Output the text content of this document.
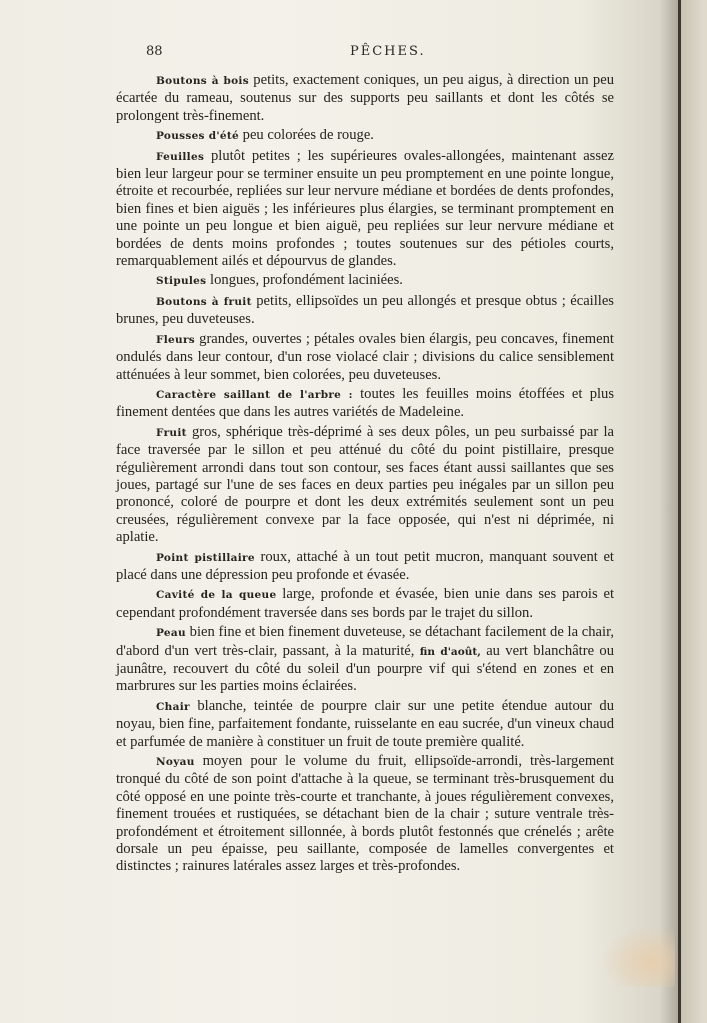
88	PÊCHES.

Boutons à bois petits, exactement coniques, un peu aigus, à direction un peu écartée du rameau, soutenus sur des supports peu saillants et dont les côtés se prolongent très-finement.

Pousses d'été peu colorées de rouge.

Feuilles plutôt petites ; les supérieures ovales-allongées, maintenant assez bien leur largeur pour se terminer ensuite un peu promptement en une pointe longue, étroite et recourbée, repliées sur leur nervure médiane et bordées de dents profondes, bien fines et bien aiguës ; les inférieures plus élargies, se terminant promptement en une pointe un peu longue et bien aiguë, peu repliées sur leur nervure médiane et bordées de dents moins profondes ; toutes soutenues sur des pétioles courts, remarquablement ailés et dépourvus de glandes.

Stipules longues, profondément laciniées.

Boutons à fruit petits, ellipsoïdes un peu allongés et presque obtus ; écailles brunes, peu duveteuses.

Fleurs grandes, ouvertes ; pétales ovales bien élargis, peu concaves, finement ondulés dans leur contour, d'un rose violacé clair ; divisions du calice sensiblement atténuées à leur sommet, bien colorées, peu duveteuses.

Caractère saillant de l'arbre : toutes les feuilles moins étoffées et plus finement dentées que dans les autres variétés de Madeleine.

Fruit gros, sphérique très-déprimé à ses deux pôles, un peu surbaissé par la face traversée par le sillon et peu atténué du côté du point pistillaire, presque régulièrement arrondi dans tout son contour, ses faces étant aussi saillantes que ses joues, partagé sur l'une de ses faces en deux parties peu inégales par un sillon peu prononcé, coloré de pourpre et dont les deux extrémités seulement sont un peu creusées, régulièrement convexe par la face opposée, qui n'est ni déprimée, ni aplatie.

Point pistillaire roux, attaché à un tout petit mucron, manquant souvent et placé dans une dépression peu profonde et évasée.

Cavité de la queue large, profonde et évasée, bien unie dans ses parois et cependant profondément traversée dans ses bords par le trajet du sillon.

Peau bien fine et bien finement duveteuse, se détachant facilement de la chair, d'abord d'un vert très-clair, passant, à la maturité, fin d'août, au vert blanchâtre ou jaunâtre, recouvert du côté du soleil d'un pourpre vif qui s'étend en zones et en marbrures sur les parties moins éclairées.

Chair blanche, teintée de pourpre clair sur une petite étendue autour du noyau, bien fine, parfaitement fondante, ruisselante en eau sucrée, d'un vineux chaud et parfumée de manière à constituer un fruit de toute première qualité.

Noyau moyen pour le volume du fruit, ellipsoïde-arrondi, très-largement tronqué du côté de son point d'attache à la queue, se terminant très-brusquement du côté opposé en une pointe très-courte et tranchante, à joues régulièrement convexes, finement trouées et rustiquées, se détachant bien de la chair ; suture ventrale très-profondément et étroitement sillonnée, à bords plutôt festonnés que crénelés ; arête dorsale un peu épaisse, peu saillante, composée de lamelles convergentes et distinctes ; rainures latérales assez larges et très-profondes.
